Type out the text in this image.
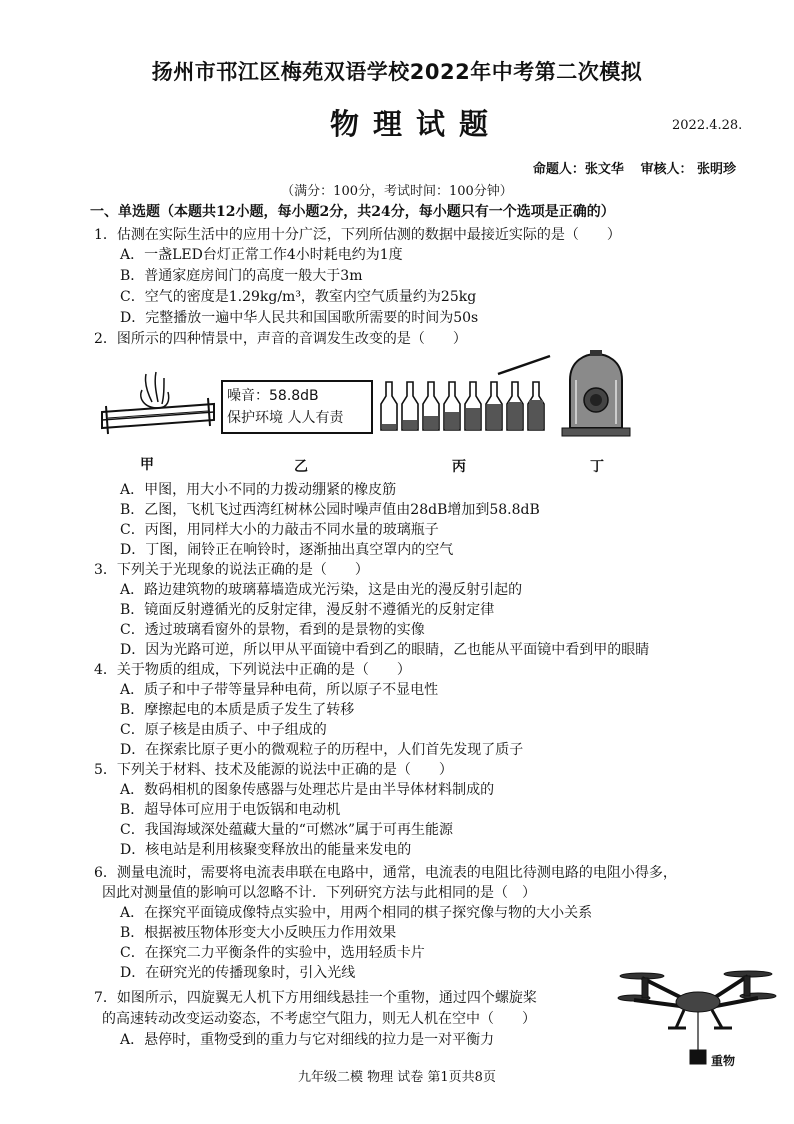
扬州市邗江区梅苑双语学校2022年中考第二次模拟
物理试题	2022.4.28.
命题人：张文华 审核人： 张明珍
（满分：100分，考试时间：100分钟）
一、单选题（本题共12小题，每小题2分，共24分，每小题只有一个选项是正确的）
1．估测在实际生活中的应用十分广泛，下列所估测的数据中最接近实际的是（　　）
A．一盏LED台灯正常工作4小时耗电约为1度
B．普通家庭房间门的高度一般大于3m
C．空气的密度是1.29kg/m³，教室内空气质量约为25kg
D．完整播放一遍中华人民共和国国歌所需要的时间为50s
2．图所示的四种情景中，声音的音调发生改变的是（　　）
噪音：58.8dB
保护环境 人人有责
甲	乙	丙	丁
A．甲图，用大小不同的力拨动绷紧的橡皮筋
B．乙图，飞机飞过西湾红树林公园时噪声值由28dB增加到58.8dB
C．丙图，用同样大小的力敲击不同水量的玻璃瓶子
D．丁图，闹铃正在响铃时，逐渐抽出真空罩内的空气
3．下列关于光现象的说法正确的是（　　）
A．路边建筑物的玻璃幕墙造成光污染，这是由光的漫反射引起的
B．镜面反射遵循光的反射定律，漫反射不遵循光的反射定律
C．透过玻璃看窗外的景物，看到的是景物的实像
D．因为光路可逆，所以甲从平面镜中看到乙的眼睛，乙也能从平面镜中看到甲的眼睛
4．关于物质的组成，下列说法中正确的是（　　）
A．质子和中子带等量异种电荷，所以原子不显电性
B．摩擦起电的本质是质子发生了转移
C．原子核是由质子、中子组成的
D．在探索比原子更小的微观粒子的历程中，人们首先发现了质子
5．下列关于材料、技术及能源的说法中正确的是（　　）
A．数码相机的图象传感器与处理芯片是由半导体材料制成的
B．超导体可应用于电饭锅和电动机
C．我国海域深处蕴藏大量的“可燃冰”属于可再生能源
D．核电站是利用核聚变释放出的能量来发电的
6．测量电流时，需要将电流表串联在电路中，通常，电流表的电阻比待测电路的电阻小得多，
因此对测量值的影响可以忽略不计．下列研究方法与此相同的是（　）
A．在探究平面镜成像特点实验中，用两个相同的棋子探究像与物的大小关系
B．根据被压物体形变大小反映压力作用效果
C．在探究二力平衡条件的实验中，选用轻质卡片
D．在研究光的传播现象时，引入光线
7．如图所示，四旋翼无人机下方用细线悬挂一个重物，通过四个螺旋桨
的高速转动改变运动姿态，不考虑空气阻力，则无人机在空中（　　）
A．悬停时，重物受到的重力与它对细线的拉力是一对平衡力
重物
九年级二模 物理 试卷 第1页共8页
